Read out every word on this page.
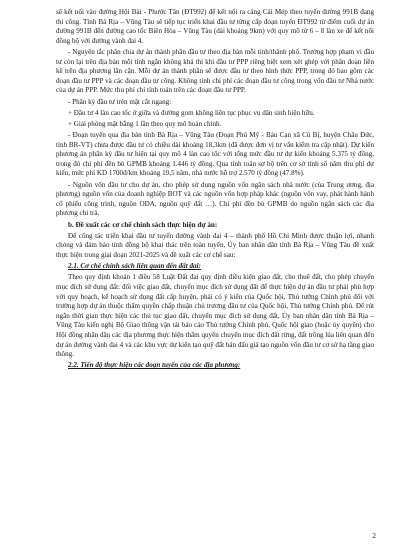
sẽ kết nối vào đường Hội Bài - Phước Tân (ĐT992) để kết nối ra cảng Cái Mép theo tuyến đường 991B đang thi công. Tỉnh Bà Rịa – Vũng Tàu sẽ tiếp tục triển khai đầu tư từng cấp đoạn tuyến ĐT992 từ điểm cuối dự án đường 991B đến đường cao tốc Biên Hòa – Vũng Tàu (dài khoảng 9km) với quy mô từ 6 – 8 làn xe để kết nối đồng bộ với đường vành đai 4.

- Nguyên tắc phân chia dự án thành phần đầu tư theo địa bàn mỗi tỉnh/thành phố. Trường hợp phạm vi đầu tư còn lại trên địa bàn mỗi tỉnh ngắn không khả thi khi đầu tư PPP riêng biệt xem xét ghép với phân đoạn liền kề trên địa phương lân cận. Mỗi dự án thành phần sẽ được đầu tư theo hình thức PPP, trong đó bao gồm các đoạn đầu tư PPP và các đoạn đầu tư công. Không tính chi phí các đoạn đầu tư công trong vốn đầu tư Nhà nước của dự án PPP. Mức thu phí chỉ tính toán trên các đoạn đầu tư PPP.

- Phân kỳ đầu tư trên mặt cắt ngang:

+ Đầu tư 4 làn cao tốc ở giữa và đường gom không liên tục phục vụ dân sinh hiện hữu.

+ Giải phóng mặt bằng 1 lần theo quy mô hoàn chỉnh.

- Đoạn tuyến qua địa bàn tỉnh Bà Rịa – Vũng Tàu (Đoạn Phú Mỹ - Bàu Cạn xã Cù Bị, huyện Châu Đức, tỉnh BR-VT) chưa được đầu tư có chiều dài khoảng 18,3km (đã được đơn vị tư vấn kiểm tra cập nhật). Dự kiến phương án phân kỳ đầu tư hiện tại quy mô 4 làn cao tốc với tổng mức đầu tư dự kiến khoảng 5.375 tỷ đồng, trong đó chi phí đền bù GPMB khoảng 1.446 tỷ đồng. Qua tính toán sơ bộ trên cơ sở tính số năm thu phí dự kiến, mức phí KD 1700đ/km khoảng 19,5 năm, nhà nước hỗ trợ 2.570 tỷ đồng (47.8%).

- Nguồn vốn đầu tư cho dự án, cho phép sử dụng nguồn vốn ngân sách nhà nước (của Trung ương, địa phương) nguồn vốn của doanh nghiệp BOT và các nguồn vốn hợp pháp khác (nguồn vốn vay, phát hành hành cổ phiếu công trình, nguồn ODA, nguồn quỹ đất …). Chi phí đền bù GPMB do nguồn ngân sách các địa phương chi trả.

b. Đề xuất các cơ chế chính sách thực hiện dự án:

Để công tác triển khai đầu tư tuyến đường vành đai 4 – thành phố Hồ Chí Minh được thuận lợi, nhanh chóng và đảm bảo tính đồng bộ khai thác trên toàn tuyến, Ủy ban nhân dân tỉnh Bà Rịa – Vũng Tàu đề xuất thực hiện trong giai đoạn 2021-2025 và đề xuất các cơ chế sau:

2.1. Cơ chế chính sách liên quan đến đất đai:

Theo quy định khoản 1 điều 58 Luật Đất đai quy định điều kiện giao đất, cho thuê đất, cho phép chuyển mục đích sử dụng đất: đối việc giao đất, chuyển mục đích sử dụng đất để thực hiện dự án đầu tư phải phù hợp với quy hoạch, kế hoạch sử dụng đất cấp huyện, phải có ý kiến của Quốc hội, Thủ tướng Chính phủ đối với trường hợp dự án thuộc thẩm quyền chấp thuận chủ trương đầu tư của Quốc hội, Thủ tướng Chính phủ. Để rút ngắn thời gian thực hiện các thủ tục giao đất, chuyển mục đích sử dụng đất, Ủy ban nhân dân tỉnh Bà Rịa – Vũng Tàu kiến nghị Bộ Giao thông vận tải báo cáo Thủ tướng Chính phủ, Quốc hội giao (hoặc ủy quyền) cho Hội đồng nhân dân các địa phương thực hiện thẩm quyền chuyển mục đích đất rừng, đất trồng lúa liên quan đến dự án đường vành đai 4 và các khu vực dự kiến tạo quỹ đất bán đấu giá tạo nguồn vốn đầu tư cơ sở hạ tầng giao thông.

2.2. Tiến độ thực hiện các đoạn tuyến của các địa phương:

2
